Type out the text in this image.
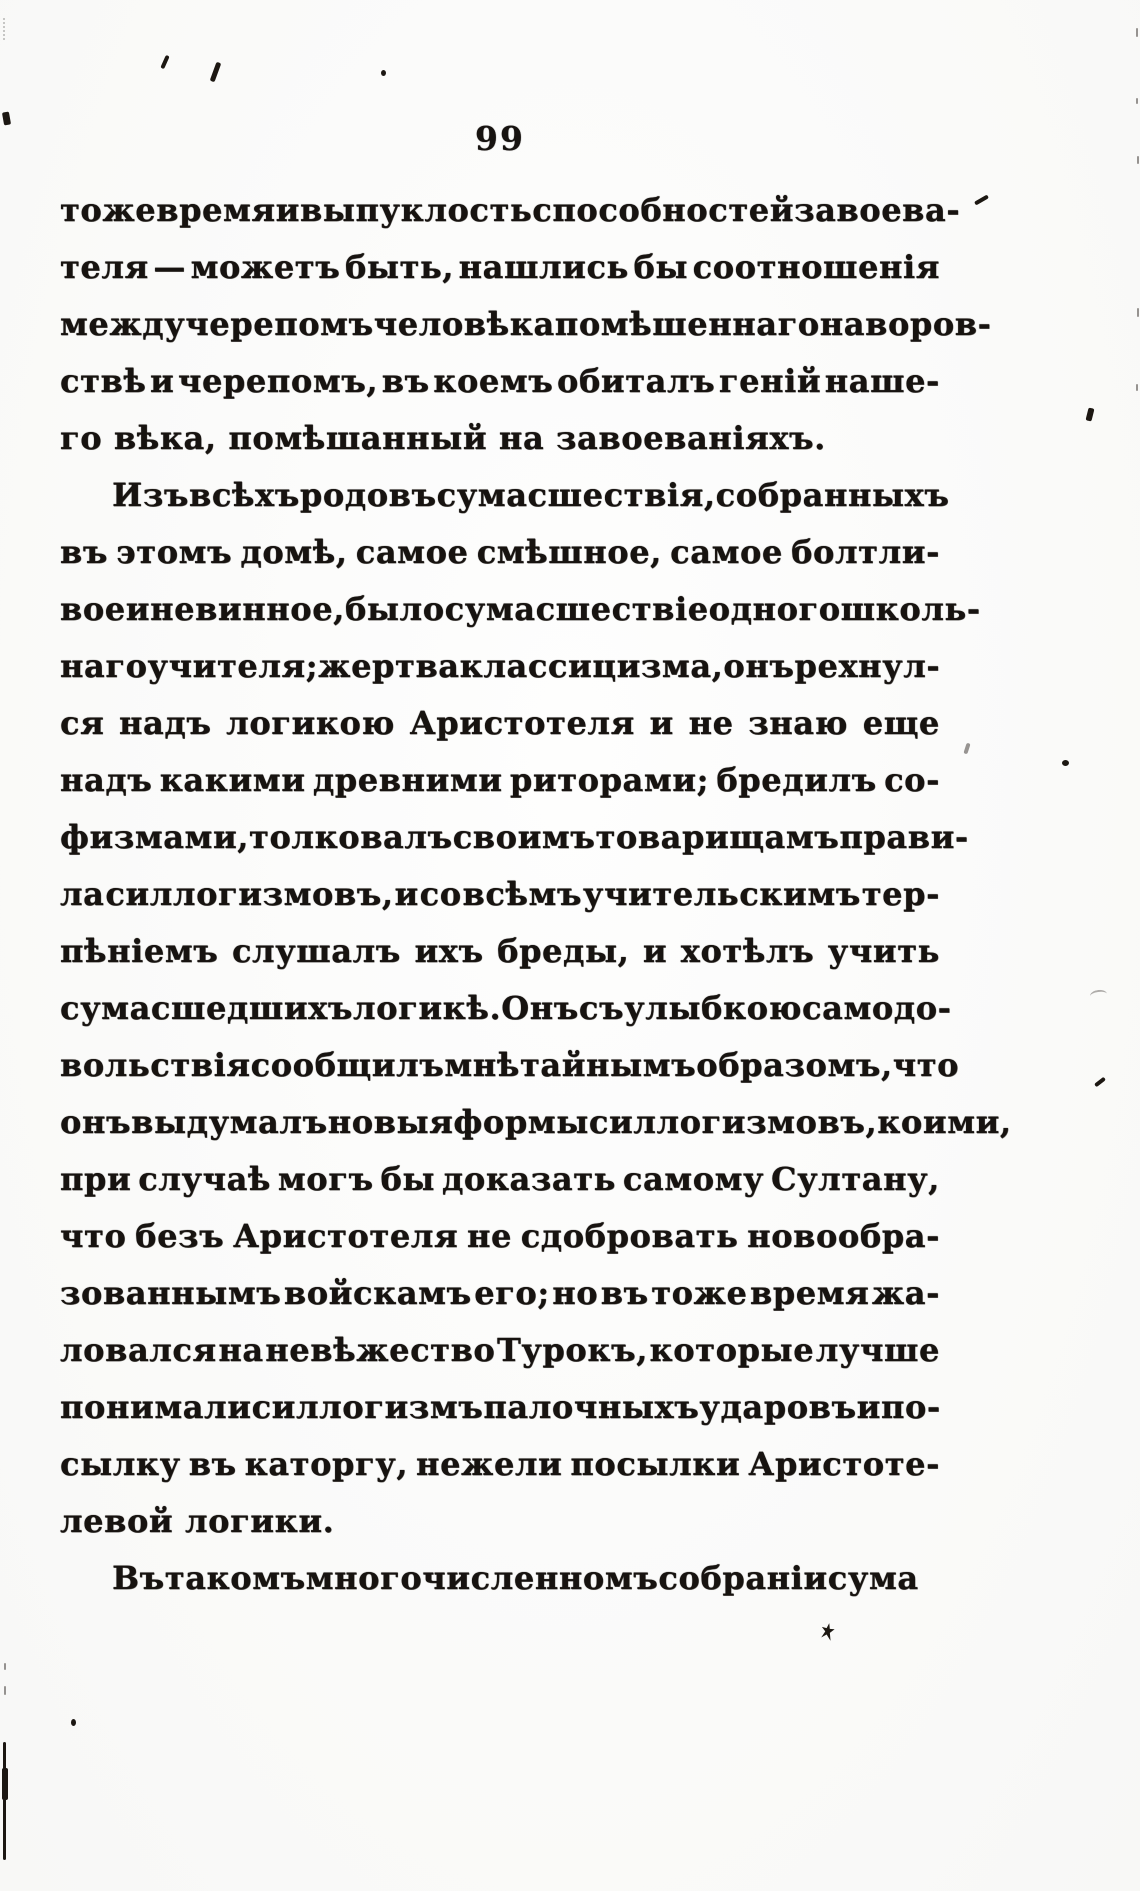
99
тоже время и выпуклость способностей завоева-
теля — можетъ быть, нашлись бы соотношенія
между черепомъ человѣка помѣшеннаго на воров-
ствѣ и черепомъ, въ коемъ обиталъ геній наше-
го вѣка, помѣшанный на завоеваніяхъ.
Изъ всѣхъ родовъ сумасшествія, собранныхъ
въ этомъ домѣ, самое смѣшное, самое болтли-
вое ин евинное, было сумасшествіе одного школь-
наго учителя; жертва классицизма, онъ рехнул-
ся надъ логикою Аристотеля и не знаю еще
надъ какими древними риторами; бредилъ со-
физмами, толковалъ своимъ товарищамъ прави-
ла силлогизмовъ, и со всѣмъ учительскимъ тер-
пѣніемъ слушалъ ихъ бреды, и хотѣлъ учить
сумасшедшихъ логикѣ. Онъ съ улыбкою самодо-
вольствія сообщилъ мнѣ тайнымъ образомъ, что
онъ выдумалъ новыя формы силлогизмовъ, коими,
при случаѣ могъ бы доказать самому Султану,
что безъ Аристотеля не сдобровать новообра-
зованнымъ войскамъ его; но въ тоже время жа-
ловался на невѣжество Турокъ, которые лучше
понимали силлогизмъ палочныхъ ударовъ и по-
сылку въ каторгу, нежели посылки Аристоте-
левой логики.
Въ такомъ многочисленномъ собраніи сума
